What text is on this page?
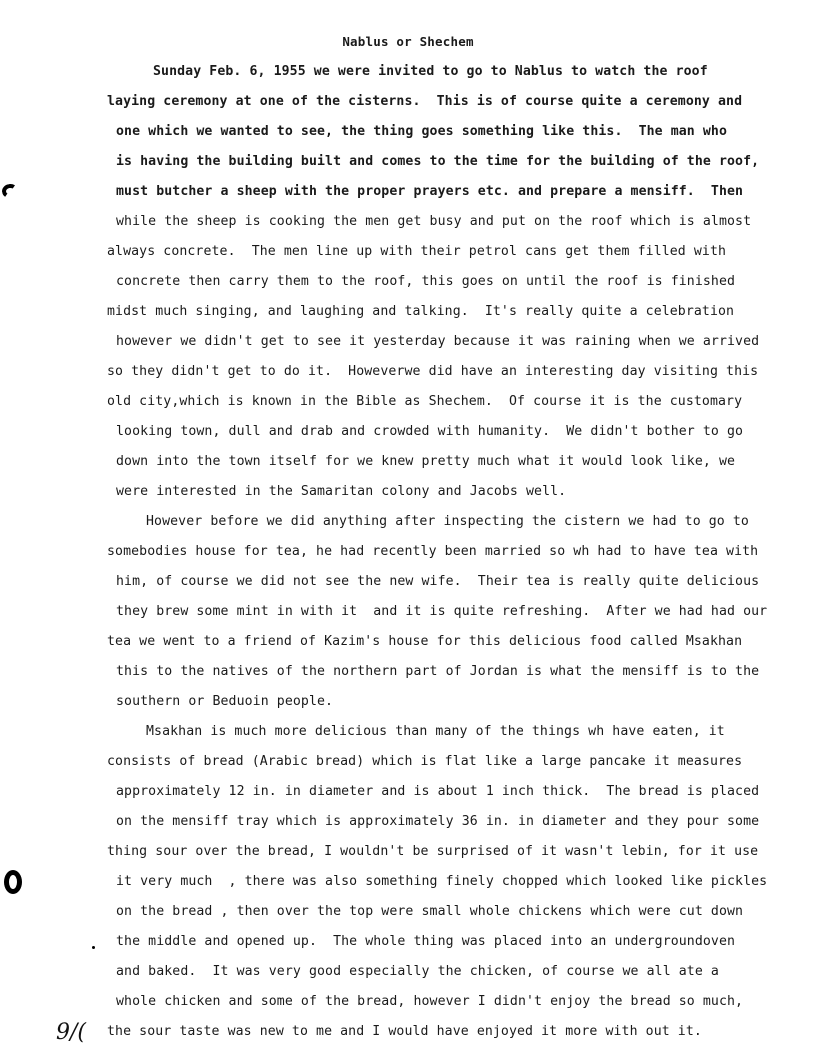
Nablus or Shechem
Sunday Feb. 6, 1955 we were invited to go to Nablus to watch the roof
laying ceremony at one of the cisterns.  This is of course quite a ceremony and
one which we wanted to see, the thing goes something like this.  The man who
is having the building built and comes to the time for the building of the roof,
must butcher a sheep with the proper prayers etc. and prepare a mensiff.  Then
while the sheep is cooking the men get busy and put on the roof which is almost
always concrete.  The men line up with their petrol cans get them filled with
concrete then carry them to the roof, this goes on until the roof is finished
midst much singing, and laughing and talking.  It's really quite a celebration
however we didn't get to see it yesterday because it was raining when we arrived
so they didn't get to do it.  Howeverwe did have an interesting day visiting this
old city,which is known in the Bible as Shechem.  Of course it is the customary
looking town, dull and drab and crowded with humanity.  We didn't bother to go
down into the town itself for we knew pretty much what it would look like, we
were interested in the Samaritan colony and Jacobs well.
However before we did anything after inspecting the cistern we had to go to
somebodies house for tea, he had recently been married so wh had to have tea with
him, of course we did not see the new wife.  Their tea is really quite delicious
they brew some mint in with it  and it is quite refreshing.  After we had had our
tea we went to a friend of Kazim's house for this delicious food called Msakhan
this to the natives of the northern part of Jordan is what the mensiff is to the
southern or Beduoin people.
Msakhan is much more delicious than many of the things wh have eaten, it
consists of bread (Arabic bread) which is flat like a large pancake it measures
approximately 12 in. in diameter and is about 1 inch thick.  The bread is placed
on the mensiff tray which is approximately 36 in. in diameter and they pour some
thing sour over the bread, I wouldn't be surprised of it wasn't lebin, for it use
it very much  , there was also something finely chopped which looked like pickles
on the bread , then over the top were small whole chickens which were cut down
the middle and opened up.  The whole thing was placed into an undergroundoven
and baked.  It was very good especially the chicken, of course we all ate a
whole chicken and some of the bread, however I didn't enjoy the bread so much,
the sour taste was new to me and I would have enjoyed it more with out it.
9/(
